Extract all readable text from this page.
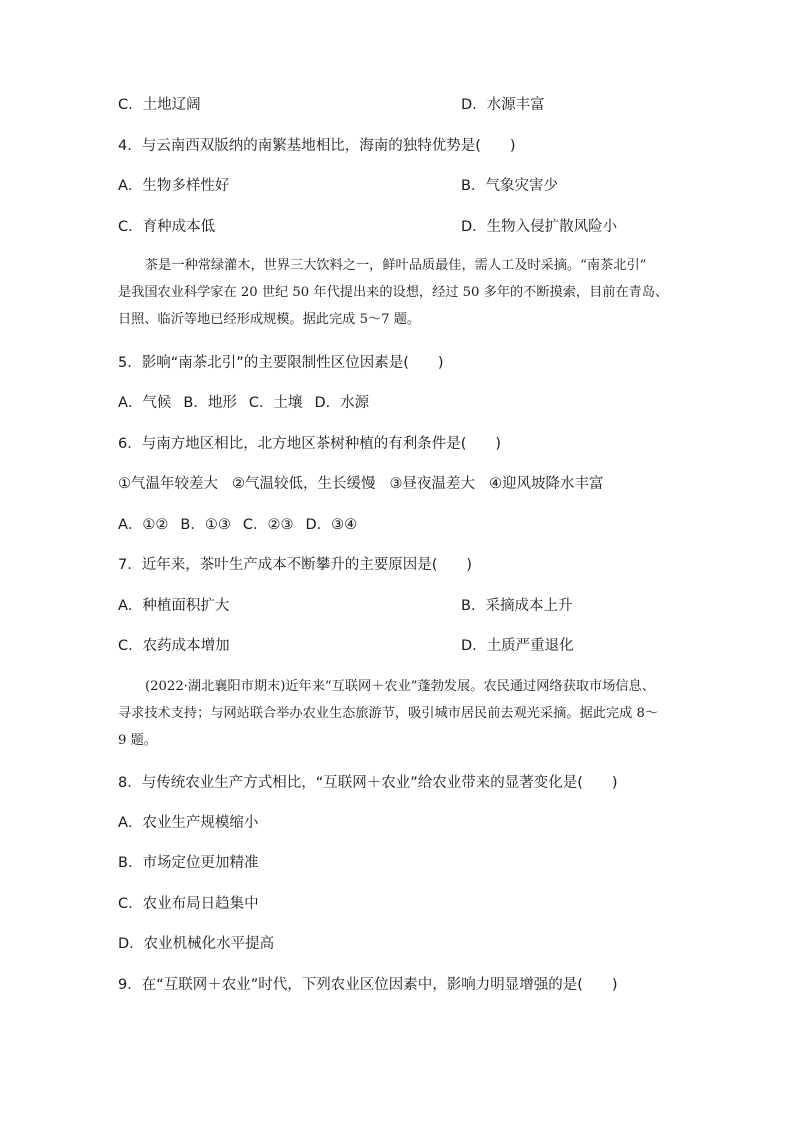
C．土地辽阔	D．水源丰富
4．与云南西双版纳的南繁基地相比，海南的独特优势是(　　)
A．生物多样性好	B．气象灾害少
C．育种成本低	D．生物入侵扩散风险小
茶是一种常绿灌木，世界三大饮料之一，鲜叶品质最佳，需人工及时采摘。“南茶北引”
是我国农业科学家在 20 世纪 50 年代提出来的设想，经过 50 多年的不断摸索，目前在青岛、
日照、临沂等地已经形成规模。据此完成 5～7 题。
5．影响“南茶北引”的主要限制性区位因素是(　　)
A．气候 B．地形 C．土壤 D．水源
6．与南方地区相比，北方地区茶树种植的有利条件是(　　)
①气温年较差大 ②气温较低，生长缓慢 ③昼夜温差大 ④迎风坡降水丰富
A．①② B．①③ C．②③ D．③④
7．近年来，茶叶生产成本不断攀升的主要原因是(　　)
A．种植面积扩大	B．采摘成本上升
C．农药成本增加	D．土质严重退化
(2022·湖北襄阳市期末)近年来“互联网＋农业”蓬勃发展。农民通过网络获取市场信息、
寻求技术支持；与网站联合举办农业生态旅游节，吸引城市居民前去观光采摘。据此完成 8～
9 题。
8．与传统农业生产方式相比，“互联网＋农业”给农业带来的显著变化是(　　)
A．农业生产规模缩小
B．市场定位更加精准
C．农业布局日趋集中
D．农业机械化水平提高
9．在“互联网＋农业”时代，下列农业区位因素中，影响力明显增强的是(　　)
